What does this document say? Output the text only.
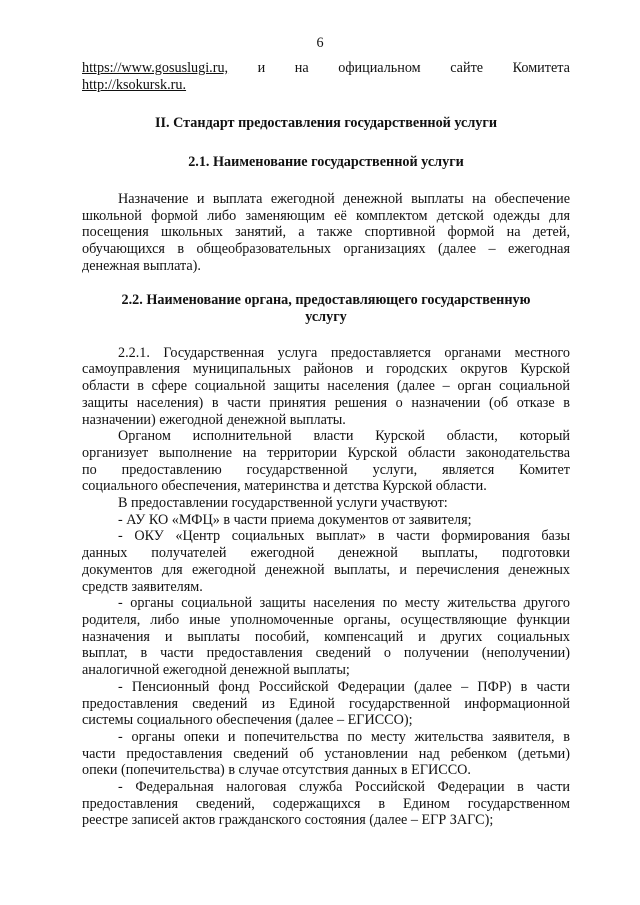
6
https://www.gosuslugi.ru, и на официальном сайте Комитета
http://ksokursk.ru.
II. Стандарт предоставления государственной услуги
2.1. Наименование государственной услуги
Назначение и выплата ежегодной денежной выплаты на обеспечение
школьной формой либо заменяющим её комплектом детской одежды для
посещения школьных занятий, а также спортивной формой на детей,
обучающихся в общеобразовательных организациях (далее – ежегодная
денежная выплата).
2.2. Наименование органа, предоставляющего государственную
услугу
2.2.1. Государственная услуга предоставляется органами местного
самоуправления муниципальных районов и городских округов Курской
области в сфере социальной защиты населения (далее – орган социальной
защиты населения) в части принятия решения о назначении (об отказе в
назначении) ежегодной денежной выплаты.
Органом исполнительной власти Курской области, который
организует выполнение на территории Курской области законодательства
по предоставлению государственной услуги, является Комитет
социального обеспечения, материнства и детства Курской области.
В предоставлении государственной услуги участвуют:
- АУ КО «МФЦ» в части приема документов от заявителя;
- ОКУ «Центр социальных выплат» в части формирования базы
данных получателей ежегодной денежной выплаты, подготовки
документов для ежегодной денежной выплаты, и перечисления денежных
средств заявителям.
- органы социальной защиты населения по месту жительства другого
родителя, либо иные уполномоченные органы, осуществляющие функции
назначения и выплаты пособий, компенсаций и других социальных
выплат, в части предоставления сведений о получении (неполучении)
аналогичной ежегодной денежной выплаты;
- Пенсионный фонд Российской Федерации (далее – ПФР) в части
предоставления сведений из Единой государственной информационной
системы социального обеспечения (далее – ЕГИССО);
- органы опеки и попечительства по месту жительства заявителя, в
части предоставления сведений об установлении над ребенком (детьми)
опеки (попечительства) в случае отсутствия данных в ЕГИССО.
- Федеральная налоговая служба Российской Федерации в части
предоставления сведений, содержащихся в Едином государственном
реестре записей актов гражданского состояния (далее – ЕГР ЗАГС);
